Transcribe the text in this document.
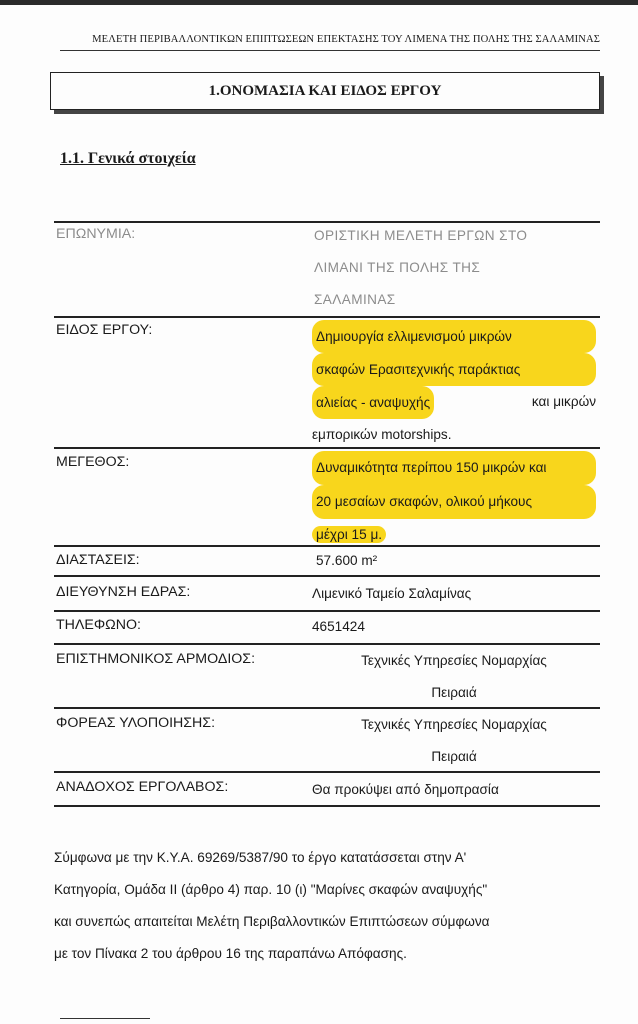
ΜΕΛΕΤΗ ΠΕΡΙΒΑΛΛΟΝΤΙΚΩΝ ΕΠΙΠΤΩΣΕΩΝ ΕΠΕΚΤΑΣΗΣ ΤΟΥ ΛΙΜΕΝΑ ΤΗΣ ΠΟΛΗΣ ΤΗΣ ΣΑΛΑΜΙΝΑΣ
1.ΟΝΟΜΑΣΙΑ ΚΑΙ ΕΙΔΟΣ ΕΡΓΟΥ
1.1. Γενικά στοιχεία
ΕΠΩΝΥΜΙΑ:	ΟΡΙΣΤΙΚΗ ΜΕΛΕΤΗ ΕΡΓΩΝ ΣΤΟ
ΛΙΜΑΝΙ ΤΗΣ ΠΟΛΗΣ ΤΗΣ
ΣΑΛΑΜΙΝΑΣ
ΕΙΔΟΣ ΕΡΓΟΥ:	Δημιουργία ελλιμενισμού μικρών
σκαφών Ερασιτεχνικής παράκτιας
αλιείας - αναψυχής	και μικρών
εμπορικών motorships.
ΜΕΓΕΘΟΣ:	Δυναμικότητα περίπου 150 μικρών και
20 μεσαίων σκαφών, ολικού μήκους
μέχρι 15 μ.
ΔΙΑΣΤΑΣΕΙΣ:	57.600 m²
ΔΙΕΥΘΥΝΣΗ ΕΔΡΑΣ:	Λιμενικό Ταμείο Σαλαμίνας
ΤΗΛΕΦΩΝΟ:	4651424
ΕΠΙΣΤΗΜΟΝΙΚΟΣ ΑΡΜΟΔΙΟΣ:	Τεχνικές Υπηρεσίες Νομαρχίας
Πειραιά
ΦΟΡΕΑΣ ΥΛΟΠΟΙΗΣΗΣ:	Τεχνικές Υπηρεσίες Νομαρχίας
Πειραιά
ΑΝΑΔΟΧΟΣ ΕΡΓΟΛΑΒΟΣ:	Θα προκύψει από δημοπρασία
Σύμφωνα με την Κ.Υ.Α. 69269/5387/90 το έργο κατατάσσεται στην Α'
Κατηγορία, Ομάδα ΙΙ (άρθρο 4) παρ. 10 (ι) "Μαρίνες σκαφών αναψυχής"
και συνεπώς απαιτείται Μελέτη Περιβαλλοντικών Επιπτώσεων σύμφωνα
με τον Πίνακα 2 του άρθρου 16 της παραπάνω Απόφασης.
